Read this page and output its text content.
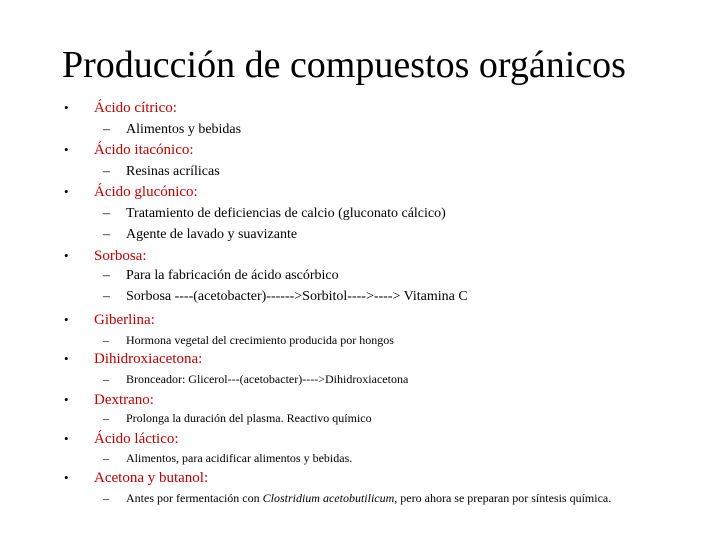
Producción de compuestos orgánicos
• Ácido cítrico:
– Alimentos y bebidas
• Ácido itacónico:
– Resinas acrílicas
• Ácido glucónico:
– Tratamiento de deficiencias de calcio (gluconato cálcico)
– Agente de lavado y suavizante
• Sorbosa:
– Para la fabricación de ácido ascórbico
– Sorbosa ----(acetobacter)------>Sorbitol---->----> Vitamina C
• Giberlina:
– Hormona vegetal del crecimiento producida por hongos
• Dihidroxiacetona:
– Bronceador: Glicerol---(acetobacter)---->Dihidroxiacetona
• Dextrano:
– Prolonga la duración del plasma. Reactivo químico
• Ácido láctico:
– Alimentos, para acidificar alimentos y bebidas.
• Acetona y butanol:
– Antes por fermentación con Clostridium acetobutilicum, pero ahora se preparan por síntesis química.
